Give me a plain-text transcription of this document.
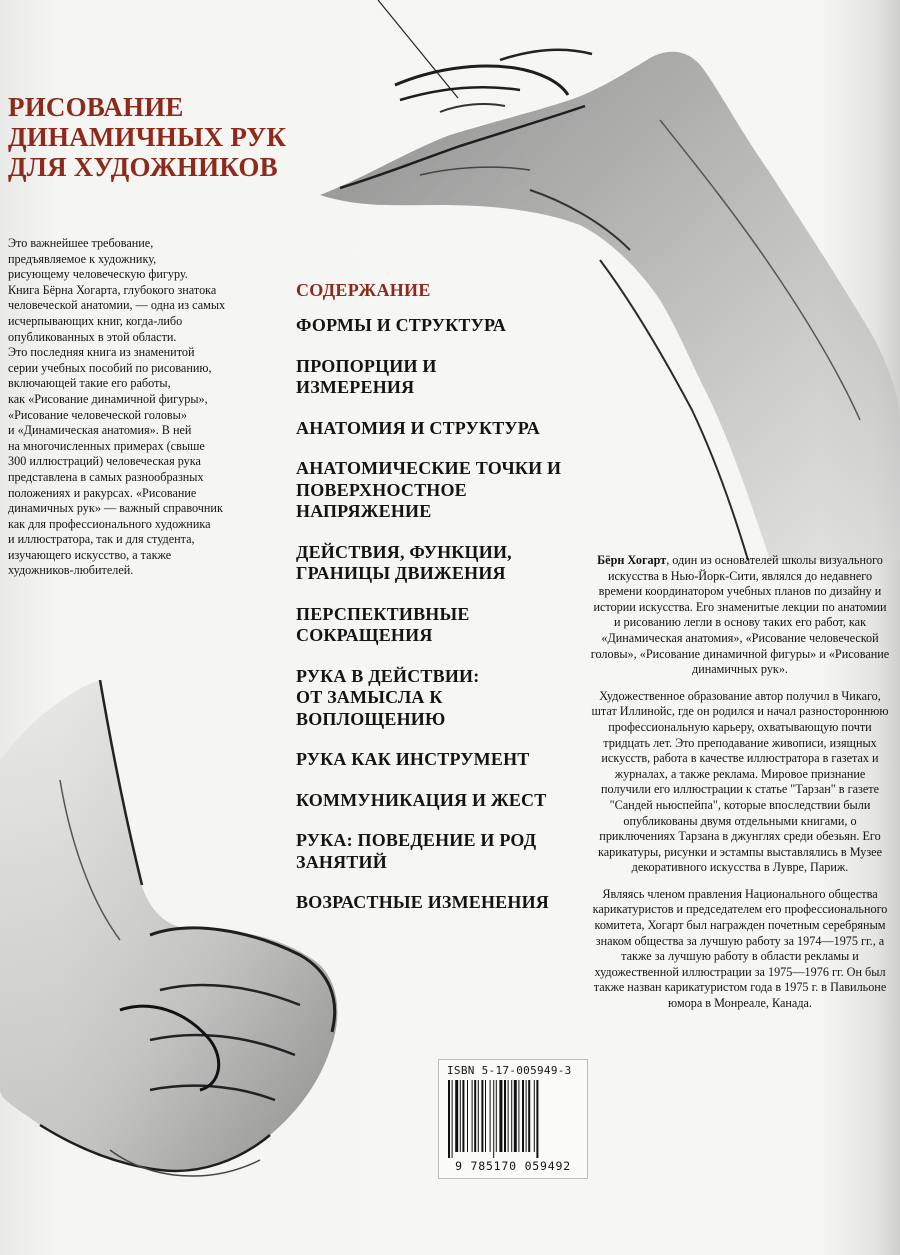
РИСОВАНИЕ
ДИНАМИЧНЫХ РУК
ДЛЯ ХУДОЖНИКОВ

Это важнейшее требование,

предъявляемое к художнику,

рисующему человеческую фигуру.

Книга Бёрна Хогарта, глубокого знатока

человеческой анатомии, — одна из самых

исчерпывающих книг, когда-либо

опубликованных в этой области.

Это последняя книга из знаменитой

серии учебных пособий по рисованию,

включающей такие его работы,

как «Рисование динамичной фигуры»,

«Рисование человеческой головы»

и «Динамическая анатомия». В ней

на многочисленных примерах (свыше

300 иллюстраций) человеческая рука

представлена в самых разнообразных

положениях и ракурсах. «Рисование

динамичных рук» — важный справочник

как для профессионального художника

и иллюстратора, так и для студента,

изучающего искусство, а также

художников-любителей.

СОДЕРЖАНИЕ
ФОРМЫ И СТРУКТУРА
ПРОПОРЦИИ И ИЗМЕРЕНИЯ
АНАТОМИЯ И СТРУКТУРА
АНАТОМИЧЕСКИЕ ТОЧКИ И ПОВЕРХНОСТНОЕ НАПРЯЖЕНИЕ
ДЕЙСТВИЯ, ФУНКЦИИ, ГРАНИЦЫ ДВИЖЕНИЯ
ПЕРСПЕКТИВНЫЕ СОКРАЩЕНИЯ
РУКА В ДЕЙСТВИИ: ОТ ЗАМЫСЛА К ВОПЛОЩЕНИЮ
РУКА КАК ИНСТРУМЕНТ
КОММУНИКАЦИЯ И ЖЕСТ
РУКА: ПОВЕДЕНИЕ И РОД ЗАНЯТИЙ
ВОЗРАСТНЫЕ ИЗМЕНЕНИЯ

Бёрн Хогарт, один из основателей школы визуального искусства в Нью-Йорк-Сити, являлся до недавнего времени координатором учебных планов по дизайну и истории искусства. Его знаменитые лекции по анатомии и рисованию легли в основу таких его работ, как «Динамическая анатомия», «Рисование человеческой головы», «Рисование динамичной фигуры» и «Рисование динамичных рук».

Художественное образование автор получил в Чикаго, штат Иллинойс, где он родился и начал разностороннюю профессиональную карьеру, охватывающую почти тридцать лет. Это преподавание живописи, изящных искусств, работа в качестве иллюстратора в газетах и журналах, а также реклама. Мировое признание получили его иллюстрации к статье "Тарзан" в газете "Сандей ньюспейпа", которые впоследствии были опубликованы двумя отдельными книгами, о приключениях Тарзана в джунглях среди обезьян. Его карикатуры, рисунки и эстампы выставлялись в Музее декоративного искусства в Лувре, Париж.

Являясь членом правления Национального общества карикатуристов и председателем его профессионального комитета, Хогарт был награжден почетным серебряным знаком общества за лучшую работу за 1974—1975 гг., а также за лучшую работу в области рекламы и художественной иллюстрации за 1975—1976 гг. Он был также назван карикатуристом года в 1975 г. в Павильоне юмора в Монреале, Канада.

ISBN 5-17-005949-3
9 785170 059492
